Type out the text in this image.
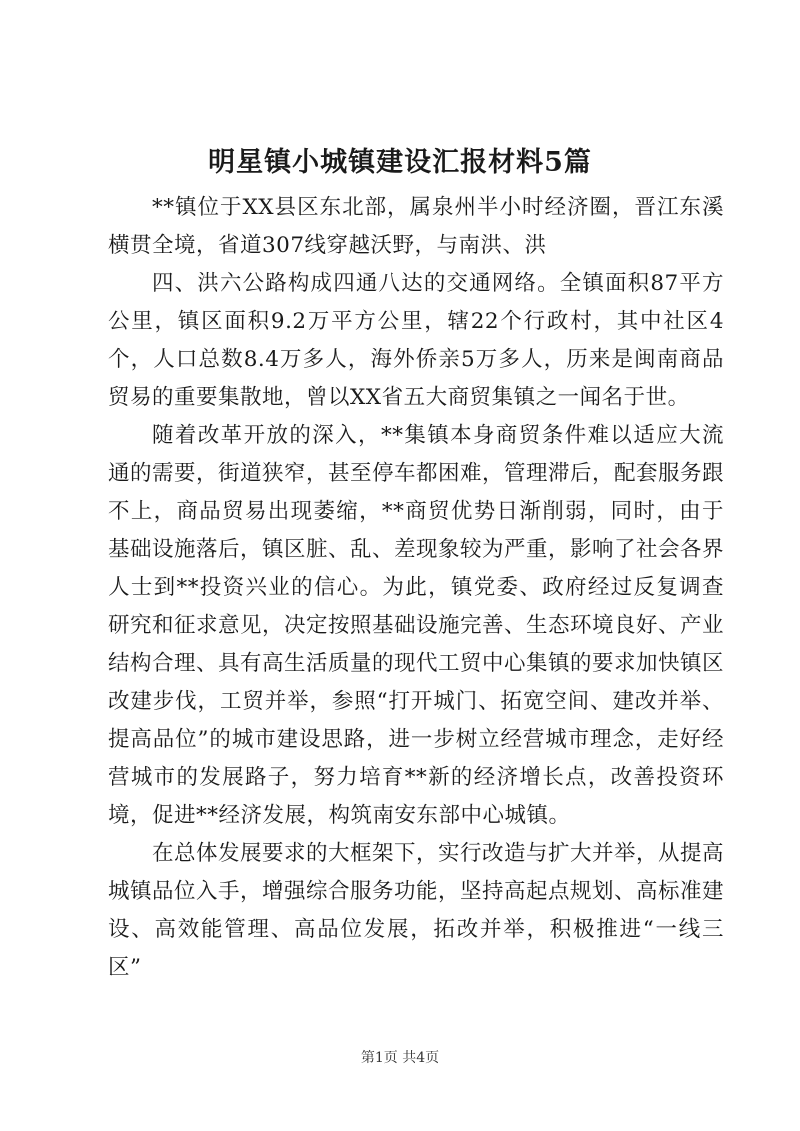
明星镇小城镇建设汇报材料5篇

**镇位于XX县区东北部，属泉州半小时经济圈，晋江东溪横贯全境，省道307线穿越沃野，与南洪、洪

四、洪六公路构成四通八达的交通网络。全镇面积87平方公里，镇区面积9.2万平方公里，辖22个行政村，其中社区4个，人口总数8.4万多人，海外侨亲5万多人，历来是闽南商品贸易的重要集散地，曾以XX省五大商贸集镇之一闻名于世。

随着改革开放的深入，**集镇本身商贸条件难以适应大流通的需要，街道狭窄，甚至停车都困难，管理滞后，配套服务跟不上，商品贸易出现萎缩，**商贸优势日渐削弱，同时，由于基础设施落后，镇区脏、乱、差现象较为严重，影响了社会各界人士到**投资兴业的信心。为此，镇党委、政府经过反复调查研究和征求意见，决定按照基础设施完善、生态环境良好、产业结构合理、具有高生活质量的现代工贸中心集镇的要求加快镇区改建步伐，工贸并举，参照“打开城门、拓宽空间、建改并举、提高品位”的城市建设思路，进一步树立经营城市理念，走好经营城市的发展路子，努力培育**新的经济增长点，改善投资环境，促进**经济发展，构筑南安东部中心城镇。

在总体发展要求的大框架下，实行改造与扩大并举，从提高城镇品位入手，增强综合服务功能，坚持高起点规划、高标准建设、高效能管理、高品位发展，拓改并举，积极推进“一线三区”

第1页 共4页
